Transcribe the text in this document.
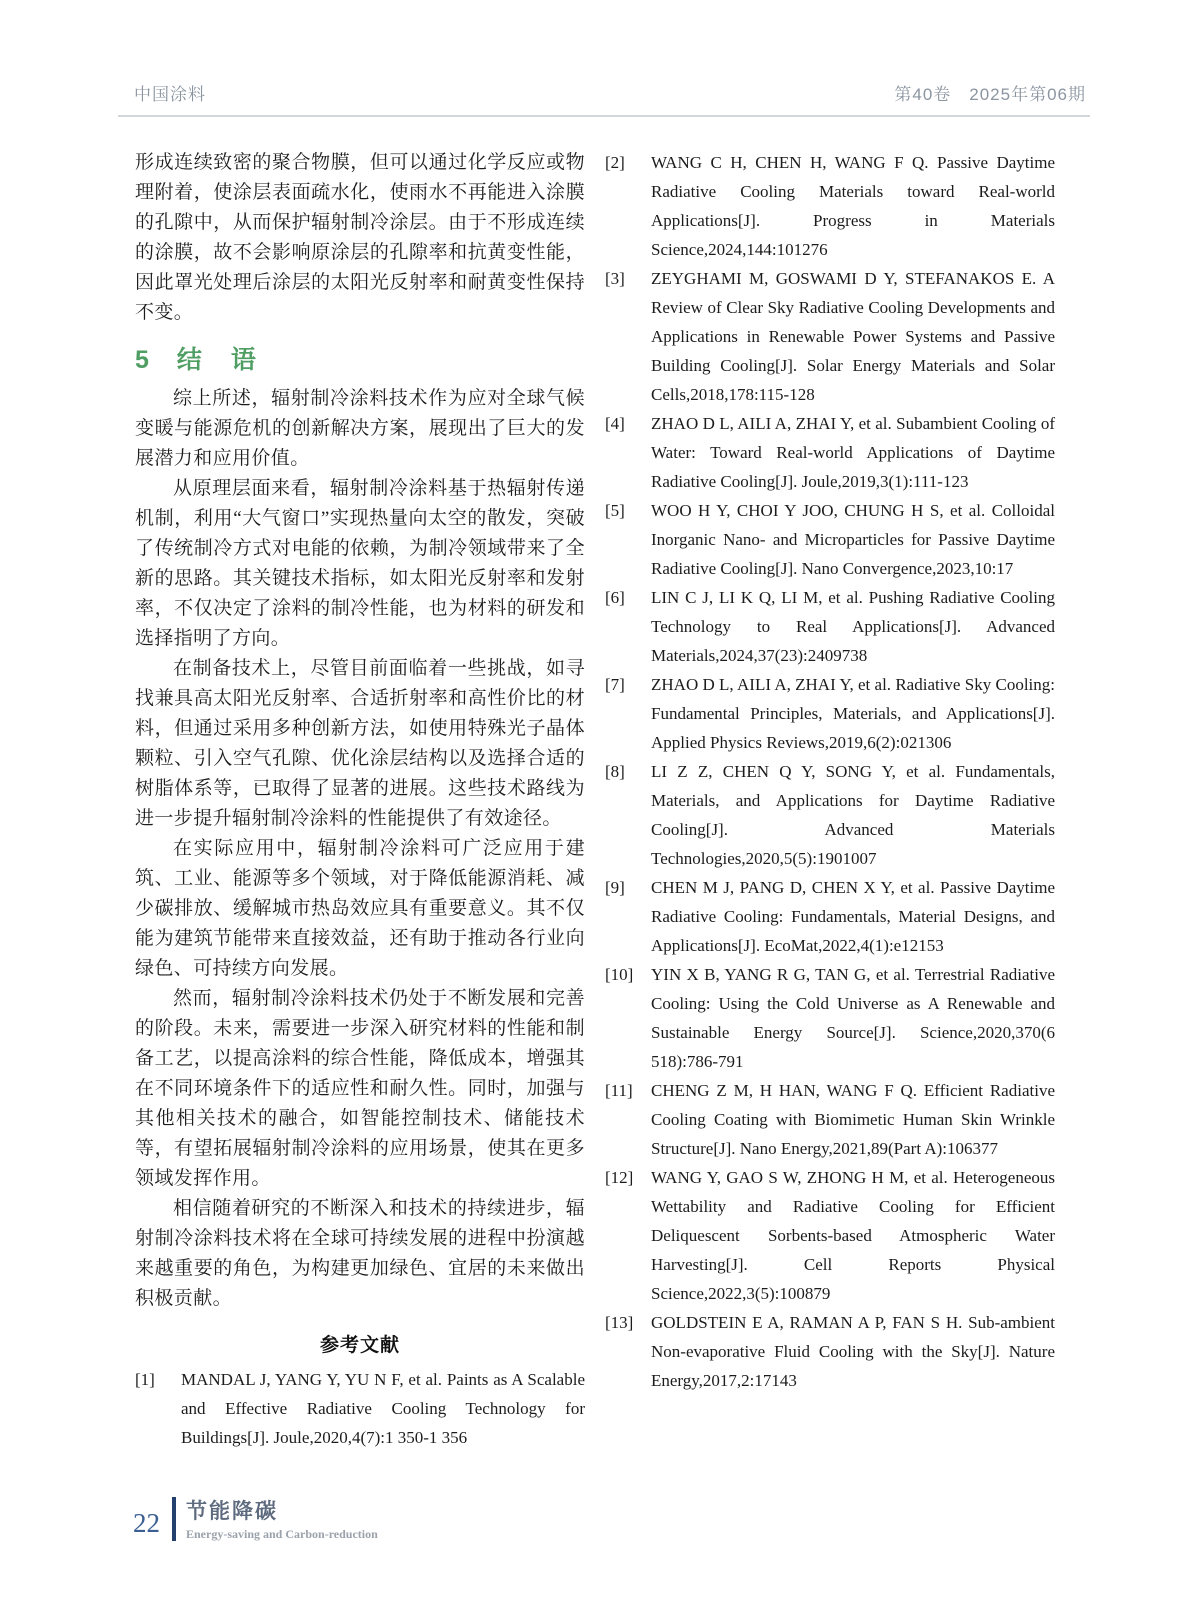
中国涂料	第40卷　2025年第06期

形成连续致密的聚合物膜，但可以通过化学反应或物理附着，使涂层表面疏水化，使雨水不再能进入涂膜的孔隙中，从而保护辐射制冷涂层。由于不形成连续的涂膜，故不会影响原涂层的孔隙率和抗黄变性能，因此罩光处理后涂层的太阳光反射率和耐黄变性保持不变。

5 结　语

综上所述，辐射制冷涂料技术作为应对全球气候变暖与能源危机的创新解决方案，展现出了巨大的发展潜力和应用价值。

从原理层面来看，辐射制冷涂料基于热辐射传递机制，利用“大气窗口”实现热量向太空的散发，突破了传统制冷方式对电能的依赖，为制冷领域带来了全新的思路。其关键技术指标，如太阳光反射率和发射率，不仅决定了涂料的制冷性能，也为材料的研发和选择指明了方向。

在制备技术上，尽管目前面临着一些挑战，如寻找兼具高太阳光反射率、合适折射率和高性价比的材料，但通过采用多种创新方法，如使用特殊光子晶体颗粒、引入空气孔隙、优化涂层结构以及选择合适的树脂体系等，已取得了显著的进展。这些技术路线为进一步提升辐射制冷涂料的性能提供了有效途径。

在实际应用中，辐射制冷涂料可广泛应用于建筑、工业、能源等多个领域，对于降低能源消耗、减少碳排放、缓解城市热岛效应具有重要意义。其不仅能为建筑节能带来直接效益，还有助于推动各行业向绿色、可持续方向发展。

然而，辐射制冷涂料技术仍处于不断发展和完善的阶段。未来，需要进一步深入研究材料的性能和制备工艺，以提高涂料的综合性能，降低成本，增强其在不同环境条件下的适应性和耐久性。同时，加强与其他相关技术的融合，如智能控制技术、储能技术等，有望拓展辐射制冷涂料的应用场景，使其在更多领域发挥作用。

相信随着研究的不断深入和技术的持续进步，辐射制冷涂料技术将在全球可持续发展的进程中扮演越来越重要的角色，为构建更加绿色、宜居的未来做出积极贡献。

参考文献
[1] MANDAL J, YANG Y, YU N F, et al. Paints as A Scalable and Effective Radiative Cooling Technology for Buildings[J]. Joule,2020,4(7):1 350-1 356
[2] WANG C H, CHEN H, WANG F Q. Passive Daytime Radiative Cooling Materials toward Real-world Applications[J]. Progress in Materials Science,2024,144:101276
[3] ZEYGHAMI M, GOSWAMI D Y, STEFANAKOS E. A Review of Clear Sky Radiative Cooling Developments and Applications in Renewable Power Systems and Passive Building Cooling[J]. Solar Energy Materials and Solar Cells,2018,178:115-128
[4] ZHAO D L, AILI A, ZHAI Y, et al. Subambient Cooling of Water: Toward Real-world Applications of Daytime Radiative Cooling[J]. Joule,2019,3(1):111-123
[5] WOO H Y, CHOI Y JOO, CHUNG H S, et al. Colloidal Inorganic Nano- and Microparticles for Passive Daytime Radiative Cooling[J]. Nano Convergence,2023,10:17
[6] LIN C J, LI K Q, LI M, et al. Pushing Radiative Cooling Technology to Real Applications[J]. Advanced Materials,2024,37(23):2409738
[7] ZHAO D L, AILI A, ZHAI Y, et al. Radiative Sky Cooling: Fundamental Principles, Materials, and Applications[J]. Applied Physics Reviews,2019,6(2):021306
[8] LI Z Z, CHEN Q Y, SONG Y, et al. Fundamentals, Materials, and Applications for Daytime Radiative Cooling[J]. Advanced Materials Technologies,2020,5(5):1901007
[9] CHEN M J, PANG D, CHEN X Y, et al. Passive Daytime Radiative Cooling: Fundamentals, Material Designs, and Applications[J]. EcoMat,2022,4(1):e12153
[10] YIN X B, YANG R G, TAN G, et al. Terrestrial Radiative Cooling: Using the Cold Universe as A Renewable and Sustainable Energy Source[J]. Science,2020,370(6 518):786-791
[11] CHENG Z M, H HAN, WANG F Q. Efficient Radiative Cooling Coating with Biomimetic Human Skin Wrinkle Structure[J]. Nano Energy,2021,89(Part A):106377
[12] WANG Y, GAO S W, ZHONG H M, et al. Heterogeneous Wettability and Radiative Cooling for Efficient Deliquescent Sorbents-based Atmospheric Water Harvesting[J]. Cell Reports Physical Science,2022,3(5):100879
[13] GOLDSTEIN E A, RAMAN A P, FAN S H. Sub-ambient Non-evaporative Fluid Cooling with the Sky[J]. Nature Energy,2017,2:17143
22 节能降碳
Energy-saving and Carbon-reduction
